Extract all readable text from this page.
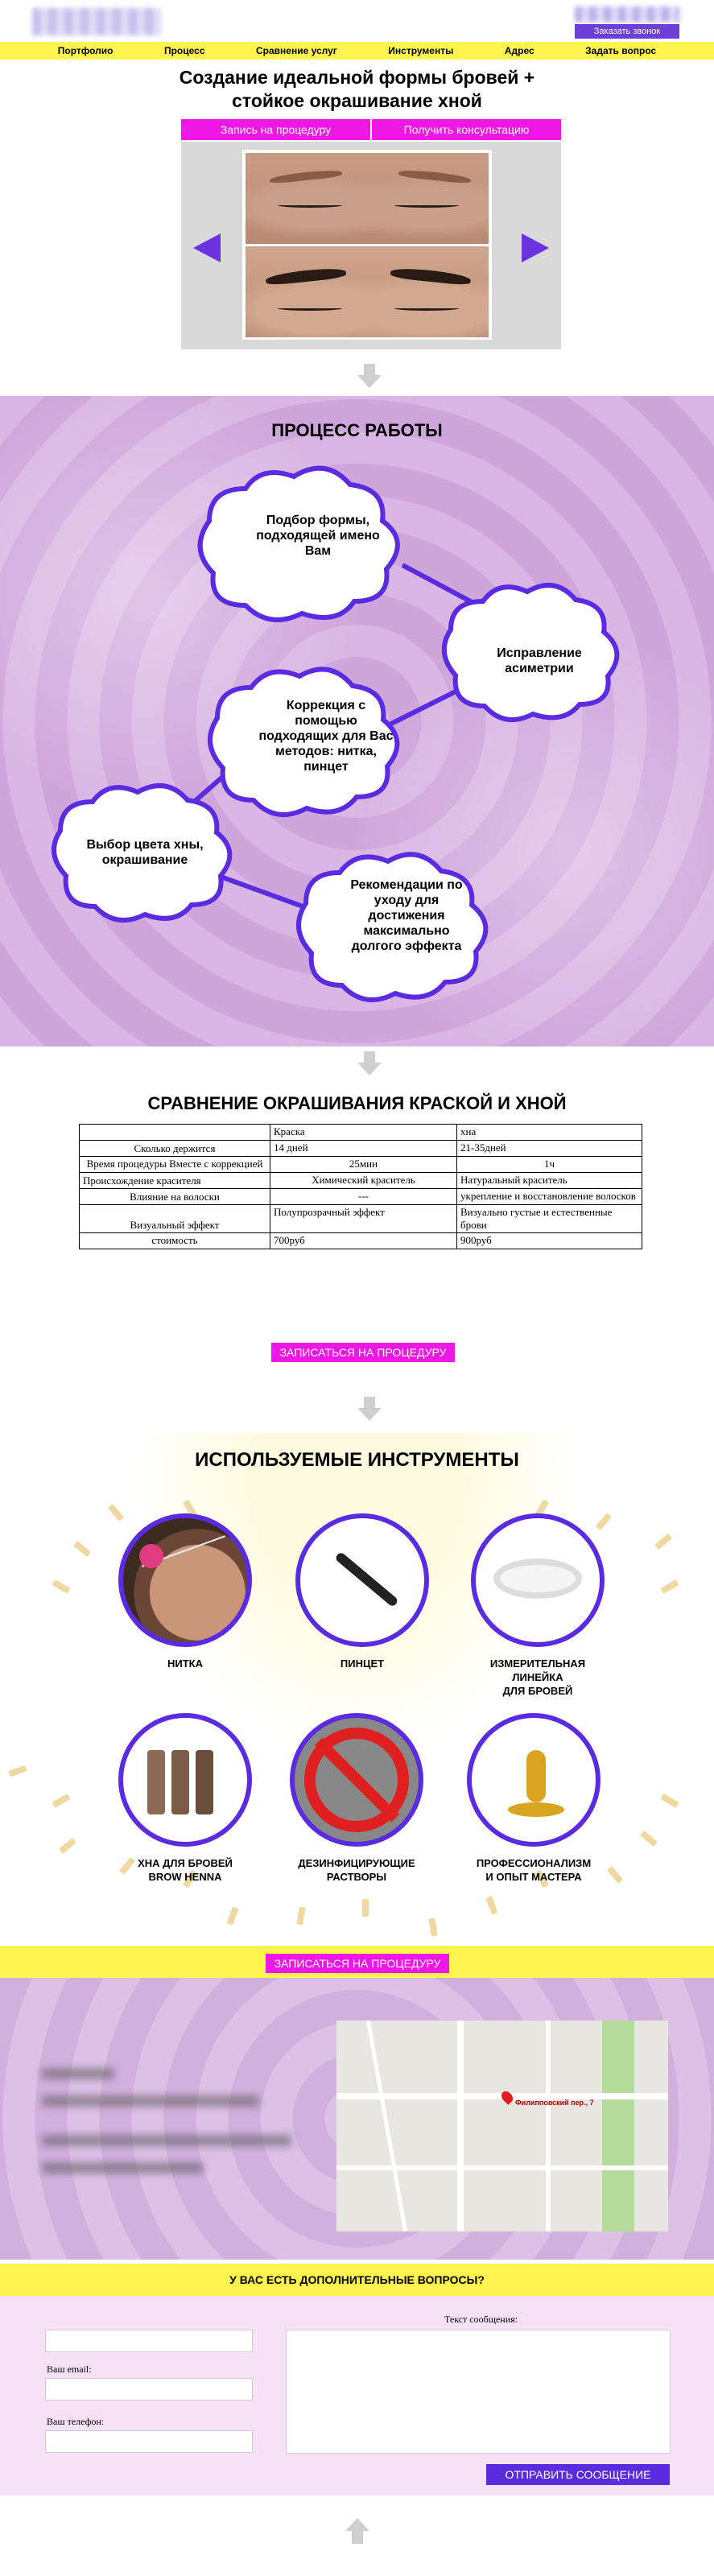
Заказать звонок
Портфолио	Процесс	Сравнение услуг	Инструменты	Адрес	Задать вопрос
Создание идеальной формы бровей +
стойкое окрашивание хной
Запись на процедуру	Получить консультацию
ПРОЦЕСС РАБОТЫ
Подбор формы, подходящей имено Вам
Исправление асиметрии
Коррекция с помощью подходящих для Вас методов: нитка, пинцет
Выбор цвета хны, окрашивание
Рекомендации по уходу для достижения максимально долгого эффекта
СРАВНЕНИЕ ОКРАШИВАНИЯ КРАСКОЙ И ХНОЙ
	Краска	хна
Сколько держится	14 дней	21-35дней
Время процедуры Вместе с коррекцией	25мин	1ч
Происхождение красителя	Химический краситель	Натуральный краситель
Влияние на волоски	---	укрепление и восстановление волосков
Визуальный эффект	Полупрозрачный эффект	Визуально густые и естественные брови
стоимость	700руб	900руб
ЗАПИСАТЬСЯ НА ПРОЦЕДУРУ
ИСПОЛЬЗУЕМЫЕ ИНСТРУМЕНТЫ
НИТКА	ПИНЦЕТ	ИЗМЕРИТЕЛЬНАЯ ЛИНЕЙКА
ДЛЯ БРОВЕЙ
ХНА ДЛЯ БРОВЕЙ
BROW HENNA
ДЕЗИНФИЦИРУЮЩИЕ
РАСТВОРЫ
ПРОФЕССИОНАЛИЗМ
И ОПЫТ МАСТЕРА
ЗАПИСАТЬСЯ НА ПРОЦЕДУРУ
Филипповский пер., 7
У ВАС ЕСТЬ ДОПОЛНИТЕЛЬНЫЕ ВОПРОСЫ?
Ваш email:
Ваш телефон:
Текст сообщения:
ОТПРАВИТЬ СООБЩЕНИЕ
